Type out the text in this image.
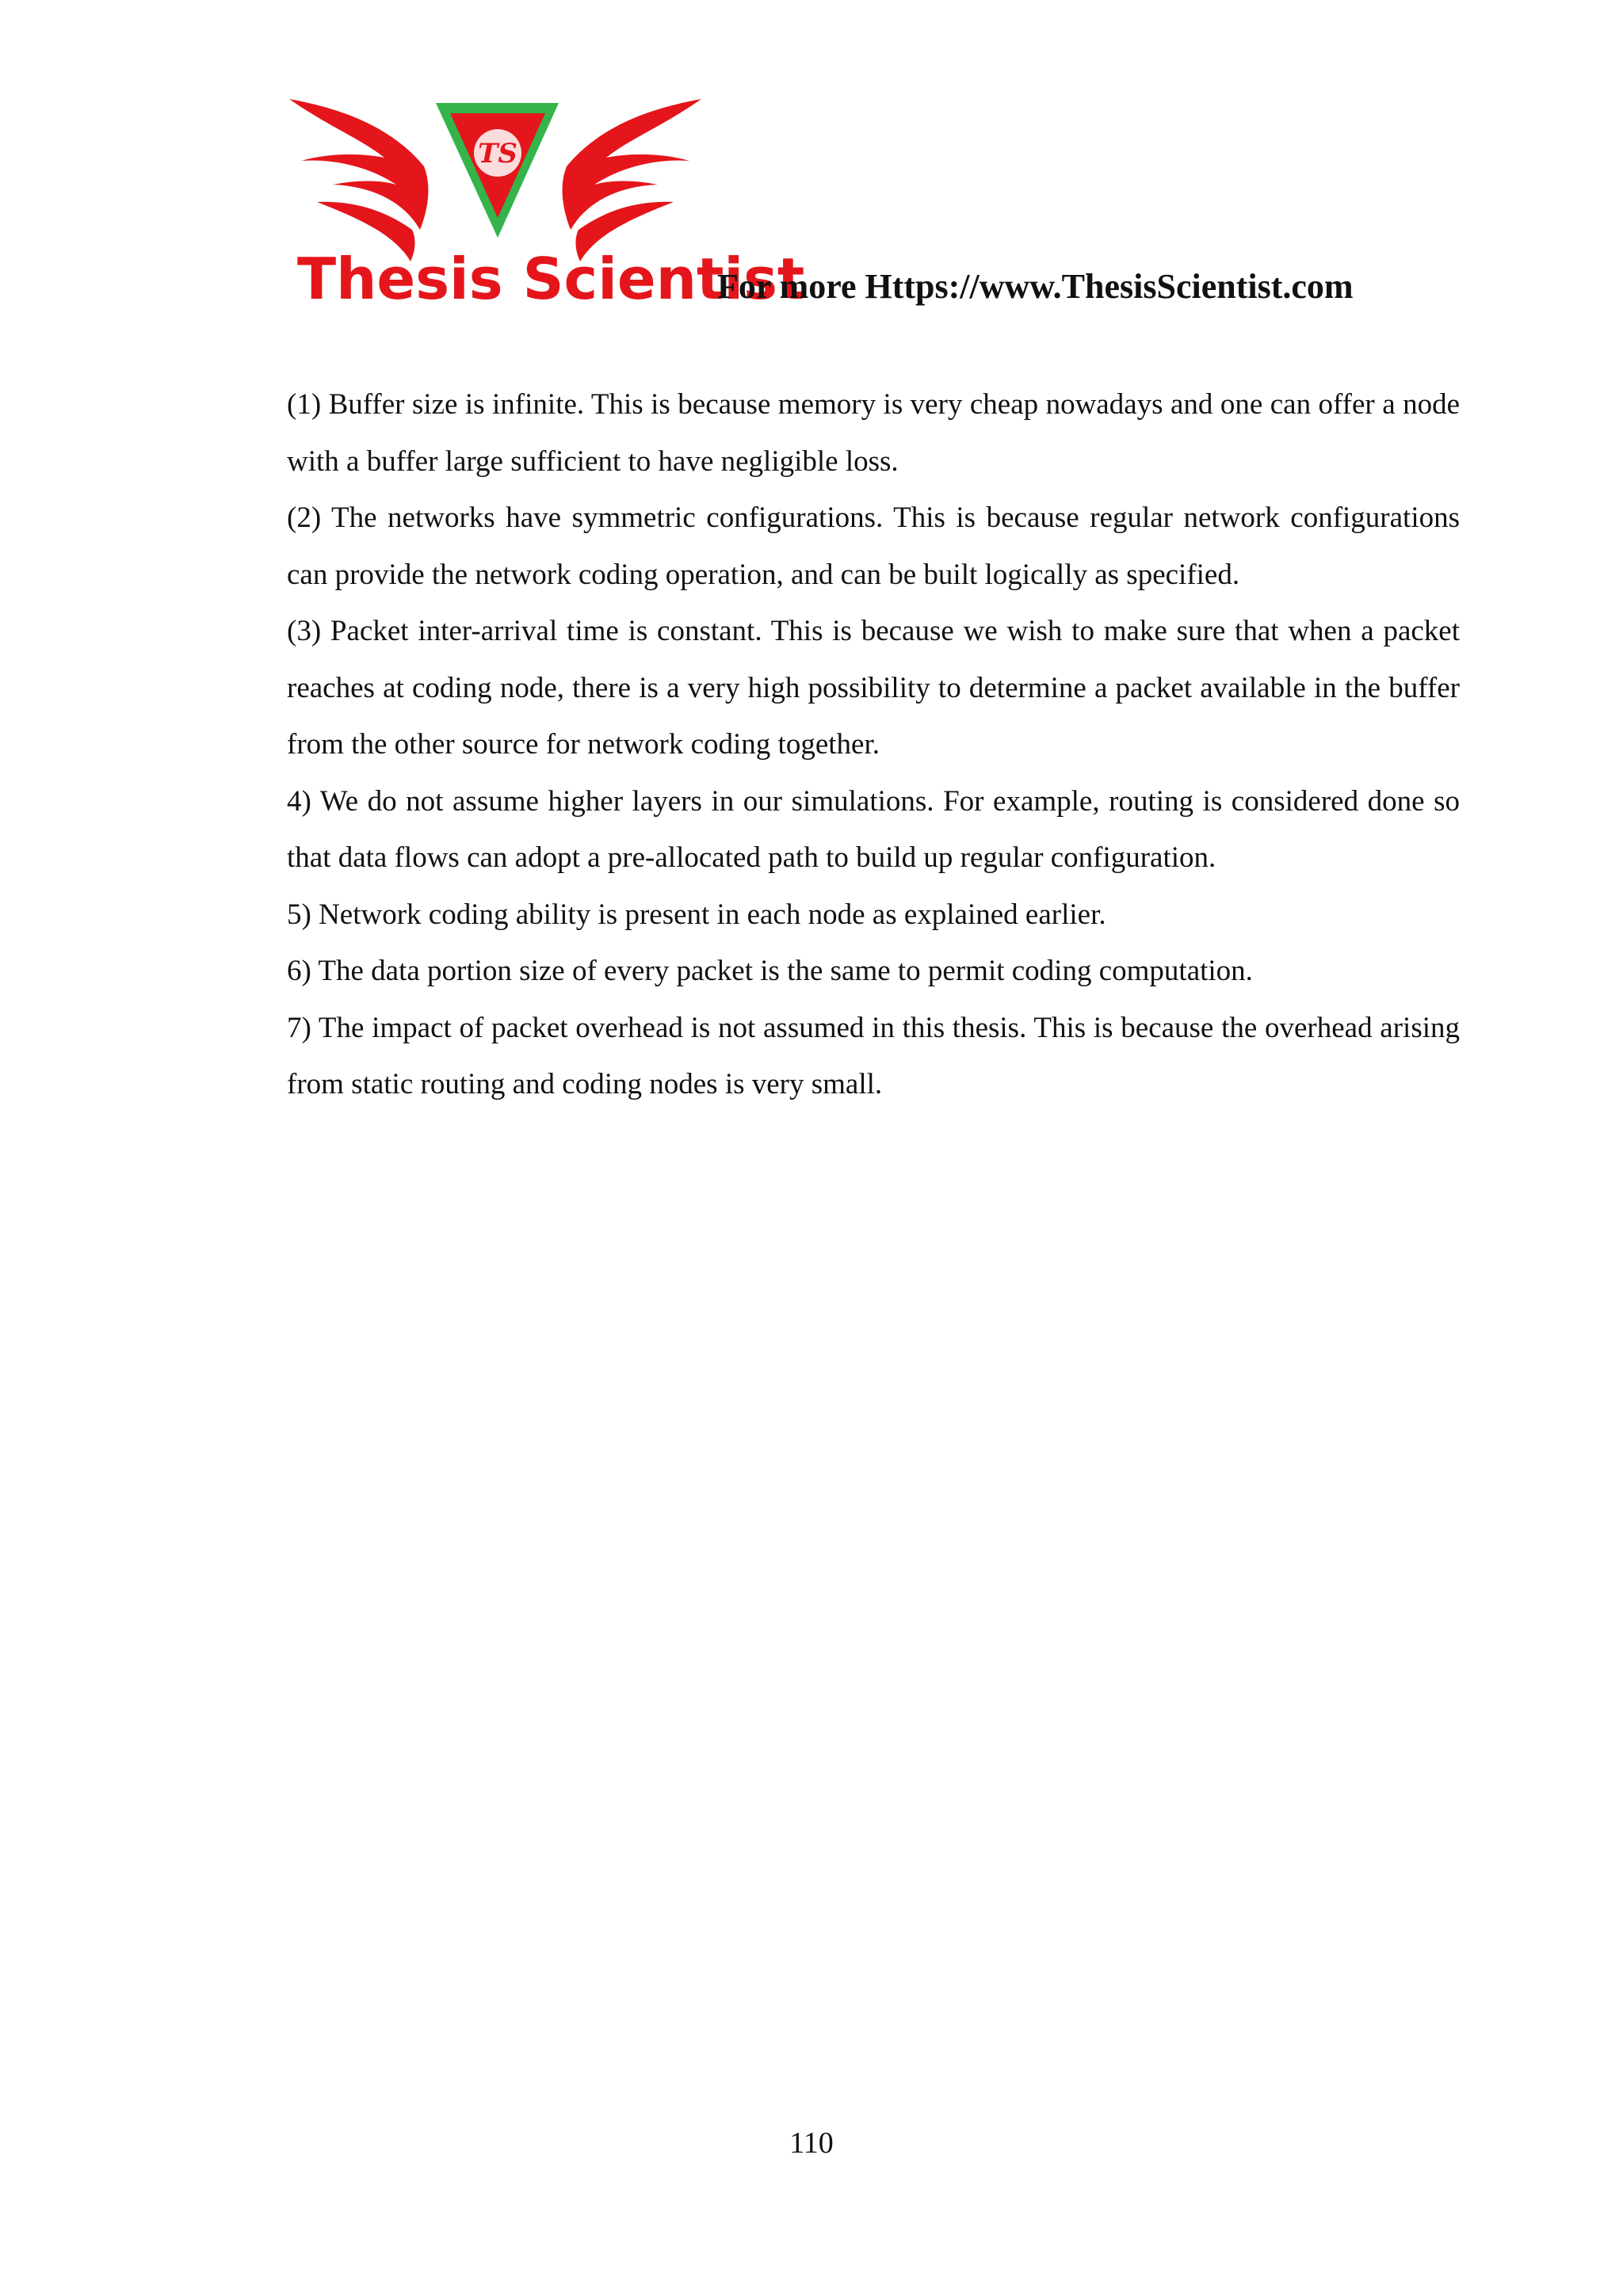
TS
Thesis Scientist
For more Https://www.ThesisScientist.com

(1) Buffer size is infinite. This is because memory is very cheap nowadays and one can offer a node with a buffer large sufficient to have negligible loss.

(2) The networks have symmetric configurations. This is because regular network configurations can provide the network coding operation, and can be built logically as specified.

(3) Packet inter-arrival time is constant. This is because we wish to make sure that when a packet reaches at coding node, there is a very high possibility to determine a packet available in the buffer from the other source for network coding together.

4) We do not assume higher layers in our simulations. For example, routing is considered done so that data flows can adopt a pre-allocated path to build up regular configuration.

5) Network coding ability is present in each node as explained earlier.

6) The data portion size of every packet is the same to permit coding computation.

7) The impact of packet overhead is not assumed in this thesis. This is because the overhead arising from static routing and coding nodes is very small.

110
